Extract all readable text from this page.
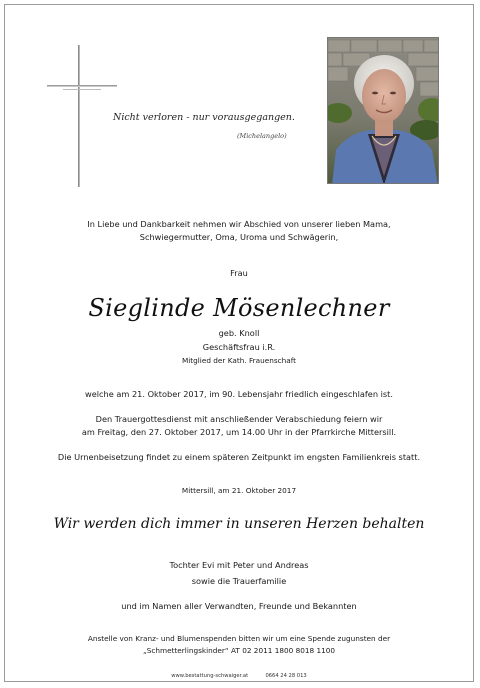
Nicht verloren - nur vorausgegangen.
(Michelangelo)
In Liebe und Dankbarkeit nehmen wir Abschied von unserer lieben Mama,
Schwiegermutter, Oma, Uroma und Schwägerin,
Frau
Sieglinde Mösenlechner
geb. Knoll
Geschäftsfrau i.R.
Mitglied der Kath. Frauenschaft
welche am 21. Oktober 2017, im 90. Lebensjahr friedlich eingeschlafen ist.
Den Trauergottesdienst mit anschließender Verabschiedung feiern wir
am Freitag, den 27. Oktober 2017, um 14.00 Uhr in der Pfarrkirche Mittersill.
Die Urnenbeisetzung findet zu einem späteren Zeitpunkt im engsten Familienkreis statt.
Mittersill, am 21. Oktober 2017
Wir werden dich immer in unseren Herzen behalten
Tochter Evi mit Peter und Andreas
sowie die Trauerfamilie
und im Namen aller Verwandten, Freunde und Bekannten
Anstelle von Kranz- und Blumenspenden bitten wir um eine Spende zugunsten der
„Schmetterlingskinder“ AT 02 2011 1800 8018 1100
www.bestattung-schwaiger.at	0664 24 28 013
